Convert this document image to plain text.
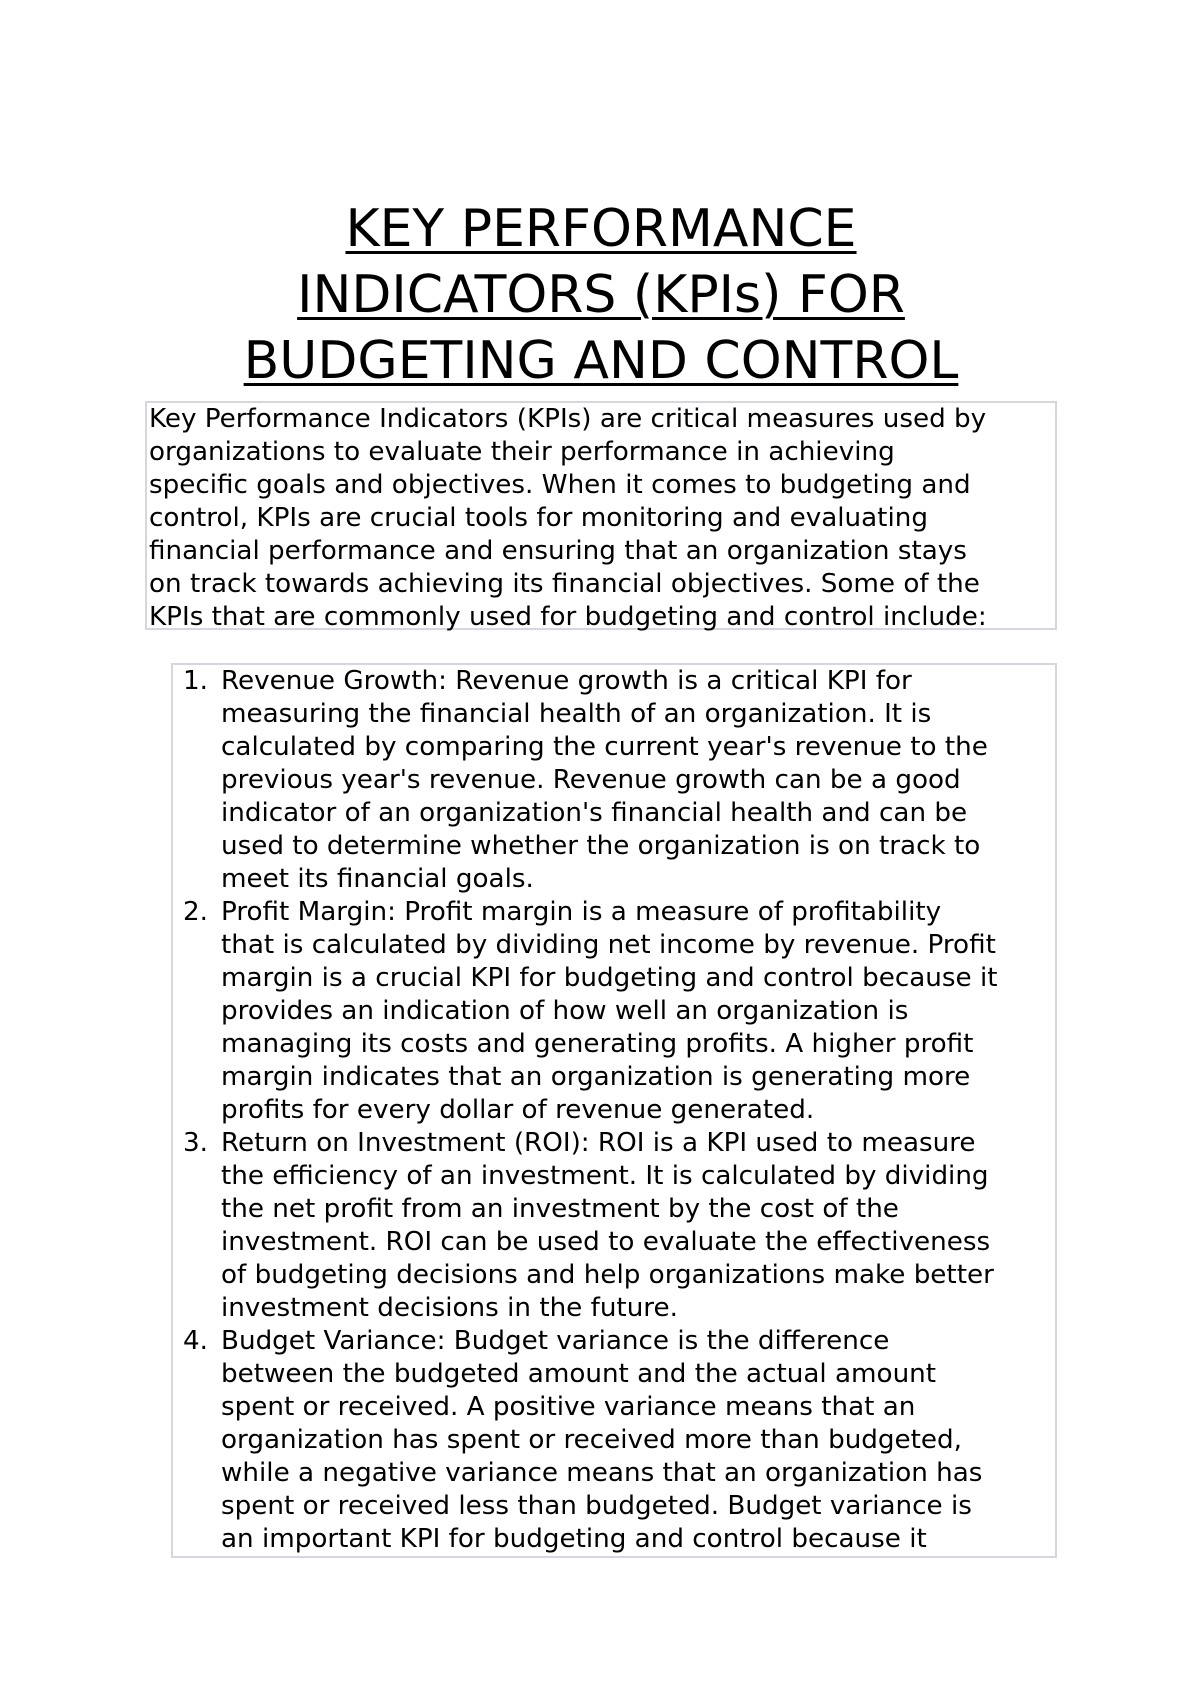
KEY PERFORMANCE
INDICATORS (KPIs) FOR
BUDGETING AND CONTROL
Key Performance Indicators (KPIs) are critical measures used by
organizations to evaluate their performance in achieving
specific goals and objectives. When it comes to budgeting and
control, KPIs are crucial tools for monitoring and evaluating
financial performance and ensuring that an organization stays
on track towards achieving its financial objectives. Some of the
KPIs that are commonly used for budgeting and control include:
1. Revenue Growth: Revenue growth is a critical KPI for
measuring the financial health of an organization. It is
calculated by comparing the current year's revenue to the
previous year's revenue. Revenue growth can be a good
indicator of an organization's financial health and can be
used to determine whether the organization is on track to
meet its financial goals.
2. Profit Margin: Profit margin is a measure of profitability
that is calculated by dividing net income by revenue. Profit
margin is a crucial KPI for budgeting and control because it
provides an indication of how well an organization is
managing its costs and generating profits. A higher profit
margin indicates that an organization is generating more
profits for every dollar of revenue generated.
3. Return on Investment (ROI): ROI is a KPI used to measure
the efficiency of an investment. It is calculated by dividing
the net profit from an investment by the cost of the
investment. ROI can be used to evaluate the effectiveness
of budgeting decisions and help organizations make better
investment decisions in the future.
4. Budget Variance: Budget variance is the difference
between the budgeted amount and the actual amount
spent or received. A positive variance means that an
organization has spent or received more than budgeted,
while a negative variance means that an organization has
spent or received less than budgeted. Budget variance is
an important KPI for budgeting and control because it
